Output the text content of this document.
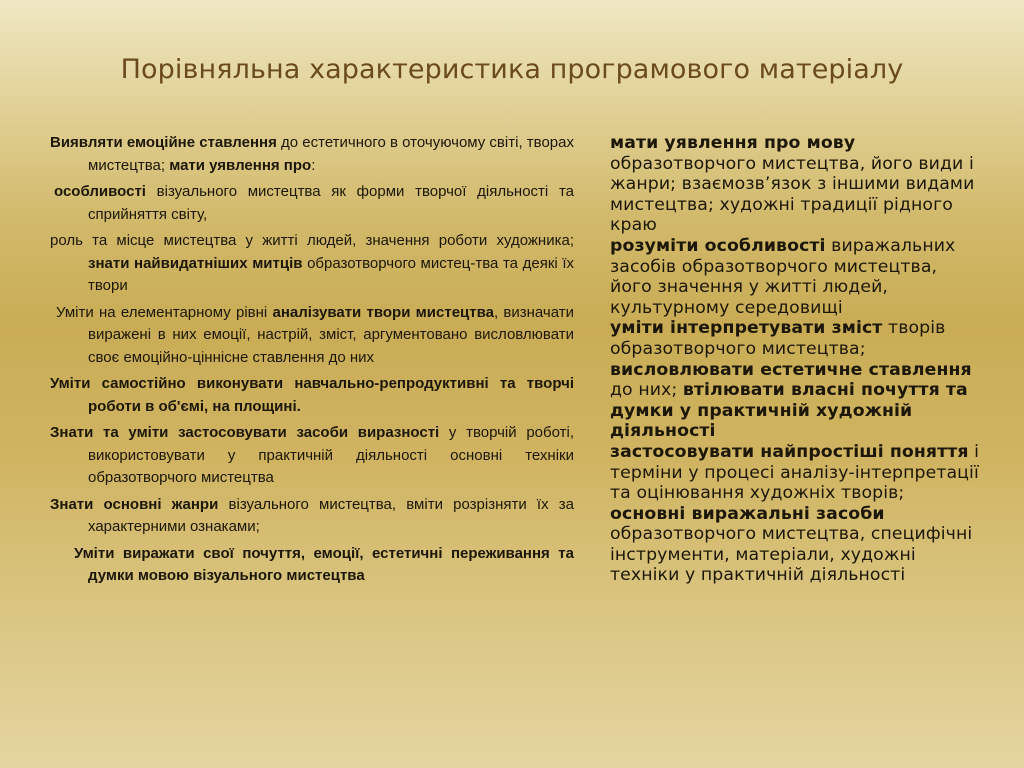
Порівняльна характеристика програмового матеріалу

Виявляти емоційне ставлення до естетичного в оточуючому світі, творах мистецтва; мати уявлення про:

особливості візуального мистецтва як форми творчої діяльності та сприйняття світу,

роль та місце мистецтва у житті людей, значення роботи художника; знати найвидатніших митців образотворчого мистец-тва та деякі їх твори

Уміти на елементарному рівні аналізувати твори мистецтва, визначати виражені в них емоції, настрій, зміст, аргументовано висловлювати своє емоційно-ціннісне ставлення до них

Уміти самостійно виконувати навчально-репродуктивні та творчі роботи в об'ємі, на площині.

Знати та уміти застосовувати засоби виразності у творчій роботі, використовувати у практичній діяльності основні техніки образотворчого мистецтва

Знати основні жанри візуального мистецтва, вміти розрізняти їх за характерними ознаками;

Уміти виражати свої почуття, емоції, естетичні переживання та думки мовою візуального мистецтва

мати уявлення про мову образотворчого мистецтва, його види і жанри; взаємозв’язок з іншими видами мистецтва; художні традиції рідного краю

розуміти особливості виражальних засобів образотворчого мистецтва, його значення у житті людей, культурному середовищі

уміти інтерпретувати зміст творів образотворчого мистецтва;

висловлювати естетичне ставлення до них; втілювати власні почуття та думки у практичній художній діяльності

застосовувати найпростіші поняття і терміни у процесі аналізу-інтерпретації та оцінювання художніх творів; основні виражальні засоби образотворчого мистецтва, специфічні інструменти, матеріали, художні техніки у практичній діяльності
